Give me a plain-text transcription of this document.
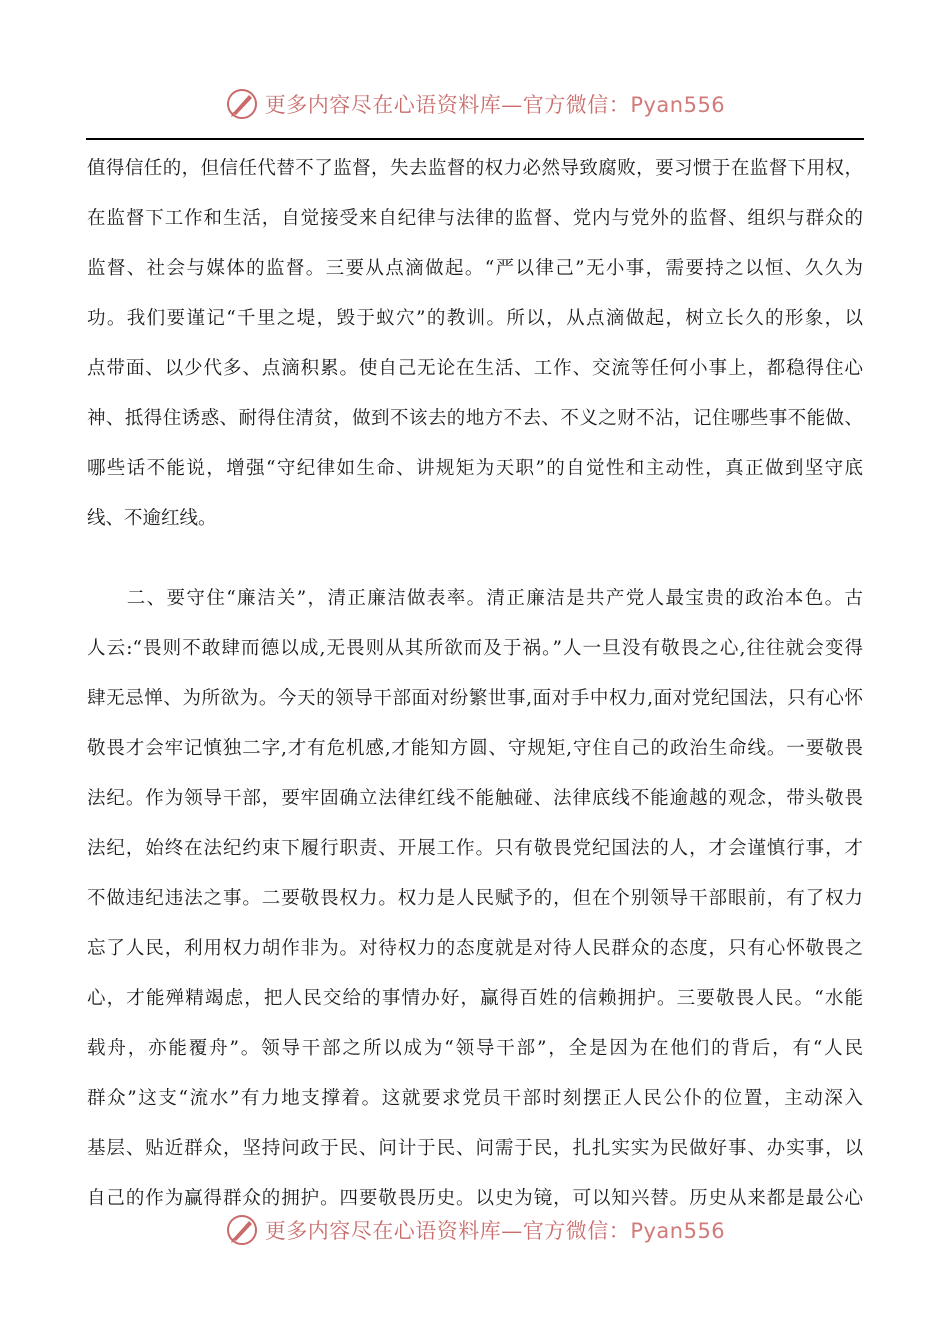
更多内容尽在心语资料库—官方微信：Pyan556
值得信任的，但信任代替不了监督，失去监督的权力必然导致腐败，要习惯于在监督下用权，
在监督下工作和生活，自觉接受来自纪律与法律的监督、党内与党外的监督、组织与群众的
监督、社会与媒体的监督。三要从点滴做起。“严以律己”无小事，需要持之以恒、久久为
功。我们要谨记“千里之堤，毁于蚁穴”的教训。所以，从点滴做起，树立长久的形象，以
点带面、以少代多、点滴积累。使自己无论在生活、工作、交流等任何小事上，都稳得住心
神、抵得住诱惑、耐得住清贫，做到不该去的地方不去、不义之财不沾，记住哪些事不能做、
哪些话不能说，增强“守纪律如生命、讲规矩为天职”的自觉性和主动性，真正做到坚守底
线、不逾红线。
　　二、要守住“廉洁关”，清正廉洁做表率。清正廉洁是共产党人最宝贵的政治本色。古
人云:“畏则不敢肆而德以成,无畏则从其所欲而及于祸。”人一旦没有敬畏之心,往往就会变得
肆无忌惮、为所欲为。今天的领导干部面对纷繁世事,面对手中权力,面对党纪国法，只有心怀
敬畏才会牢记慎独二字,才有危机感,才能知方圆、守规矩,守住自己的政治生命线。一要敬畏
法纪。作为领导干部，要牢固确立法律红线不能触碰、法律底线不能逾越的观念，带头敬畏
法纪，始终在法纪约束下履行职责、开展工作。只有敬畏党纪国法的人，才会谨慎行事，才
不做违纪违法之事。二要敬畏权力。权力是人民赋予的，但在个别领导干部眼前，有了权力
忘了人民，利用权力胡作非为。对待权力的态度就是对待人民群众的态度，只有心怀敬畏之
心，才能殚精竭虑，把人民交给的事情办好，赢得百姓的信赖拥护。三要敬畏人民。“水能
载舟，亦能覆舟”。领导干部之所以成为“领导干部”，全是因为在他们的背后，有“人民
群众”这支“流水”有力地支撑着。这就要求党员干部时刻摆正人民公仆的位置，主动深入
基层、贴近群众，坚持问政于民、问计于民、问需于民，扎扎实实为民做好事、办实事，以
自己的作为赢得群众的拥护。四要敬畏历史。以史为镜，可以知兴替。历史从来都是最公心
更多内容尽在心语资料库—官方微信：Pyan556
